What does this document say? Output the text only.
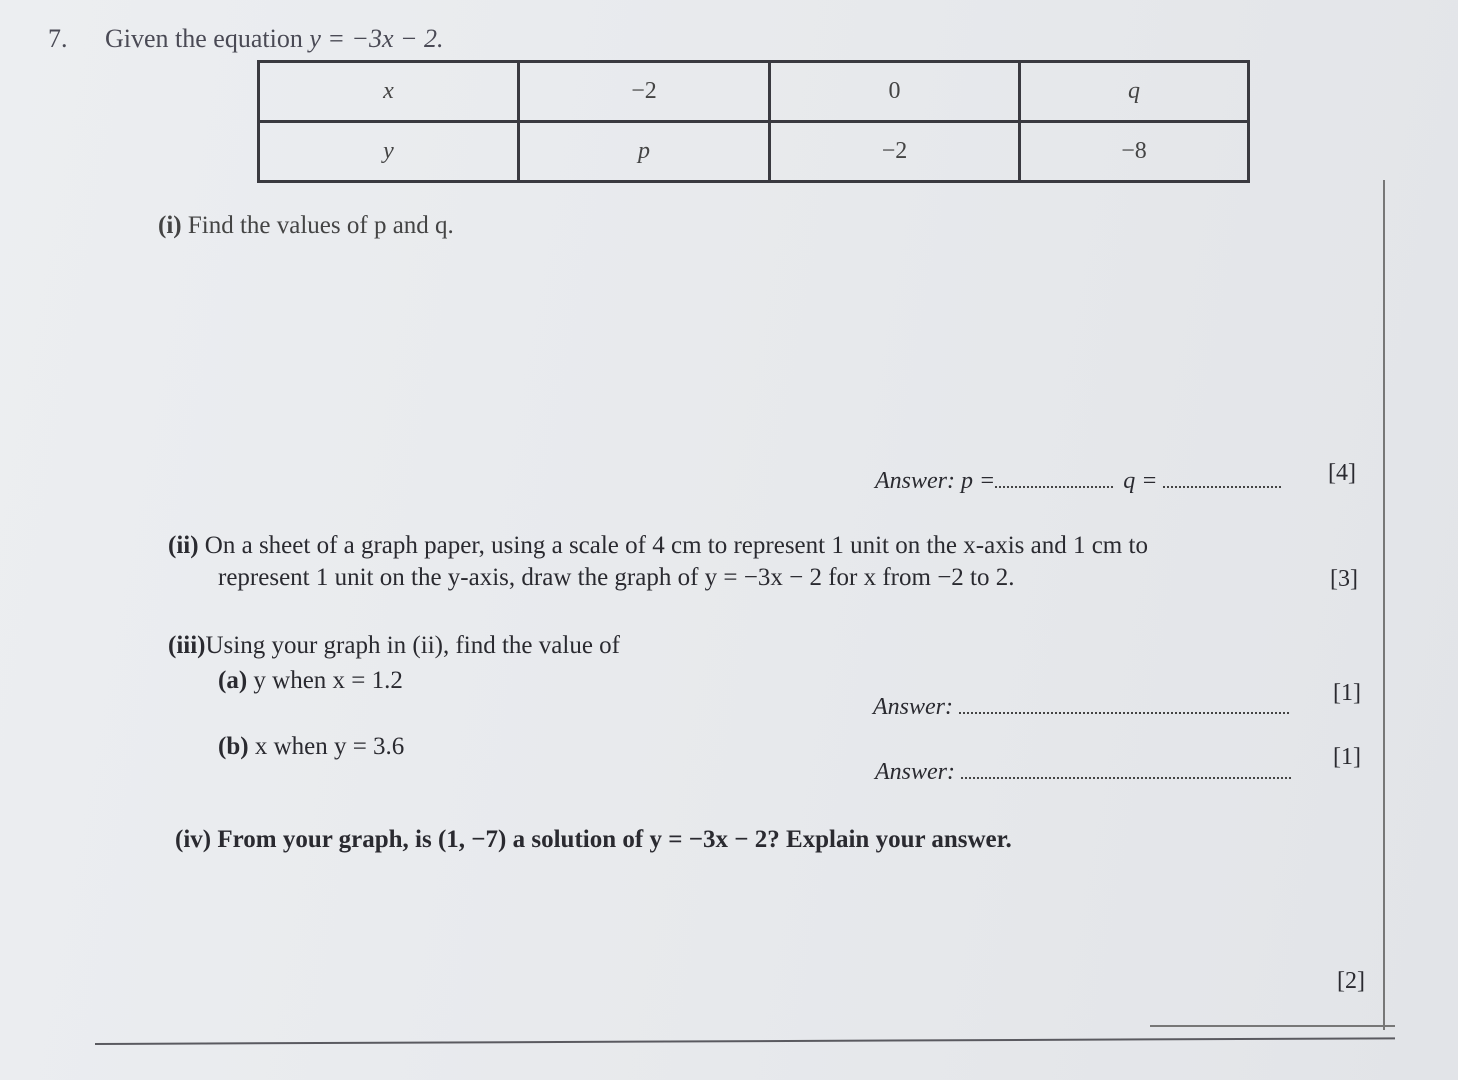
7. Given the equation y = −3x − 2.
x	−2	0	q
y	p	−2	−8
(i) Find the values of p and q.
Answer: p =	q =	[4]
(ii) On a sheet of a graph paper, using a scale of 4 cm to represent 1 unit on the x-axis and 1 cm to
represent 1 unit on the y-axis, draw the graph of y = −3x − 2 for x from −2 to 2.	[3]
(iii)Using your graph in (ii), find the value of
(a) y when x = 1.2
Answer:
[1]
(b) x when y = 3.6
Answer:
[1]
(iv) From your graph, is (1, −7) a solution of y = −3x − 2? Explain your answer.
[2]
